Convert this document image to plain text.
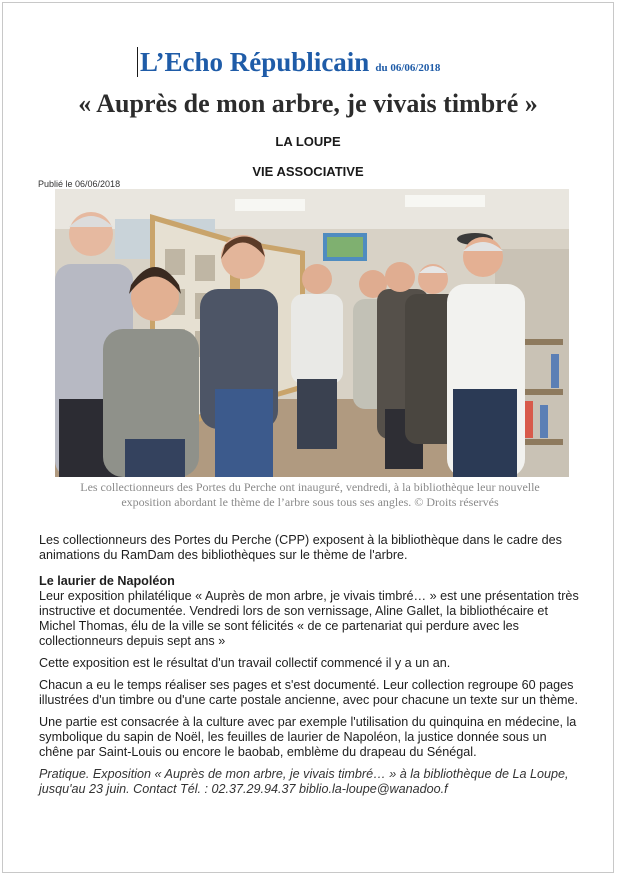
L’Echo Républicain du 06/06/2018
« Auprès de mon arbre, je vivais timbré »
LA LOUPE
VIE ASSOCIATIVE
Publié le 06/06/2018
Les collectionneurs des Portes du Perche ont inauguré, vendredi, à la bibliothèque leur nouvelle
exposition abordant le thème de l’arbre sous tous ses angles. © Droits réservés

Les collectionneurs des Portes du Perche (CPP) exposent à la bibliothèque dans le cadre des animations du RamDam des bibliothèques sur le thème de l'arbre.

Le laurier de Napoléon

Leur exposition philatélique « Auprès de mon arbre, je vivais timbré… » est une présentation très instructive et documentée. Vendredi lors de son vernissage, Aline Gallet, la bibliothécaire et Michel Thomas, élu de la ville se sont félicités « de ce partenariat qui perdure avec les collectionneurs depuis sept ans »

Cette exposition est le résultat d'un travail collectif commencé il y a un an.

Chacun a eu le temps réaliser ses pages et s'est documenté. Leur collection regroupe 60 pages illustrées d'un timbre ou d'une carte postale ancienne, avec pour chacune un texte sur un thème.

Une partie est consacrée à la culture avec par exemple l'utilisation du quinquina en médecine, la symbolique du sapin de Noël, les feuilles de laurier de Napoléon, la justice donnée sous un chêne par Saint-Louis ou encore le baobab, emblème du drapeau du Sénégal.

Pratique. Exposition « Auprès de mon arbre, je vivais timbré… » à la bibliothèque de La Loupe, jusqu'au 23 juin. Contact Tél. : 02.37.29.94.37 biblio.la-loupe@wanadoo.f
